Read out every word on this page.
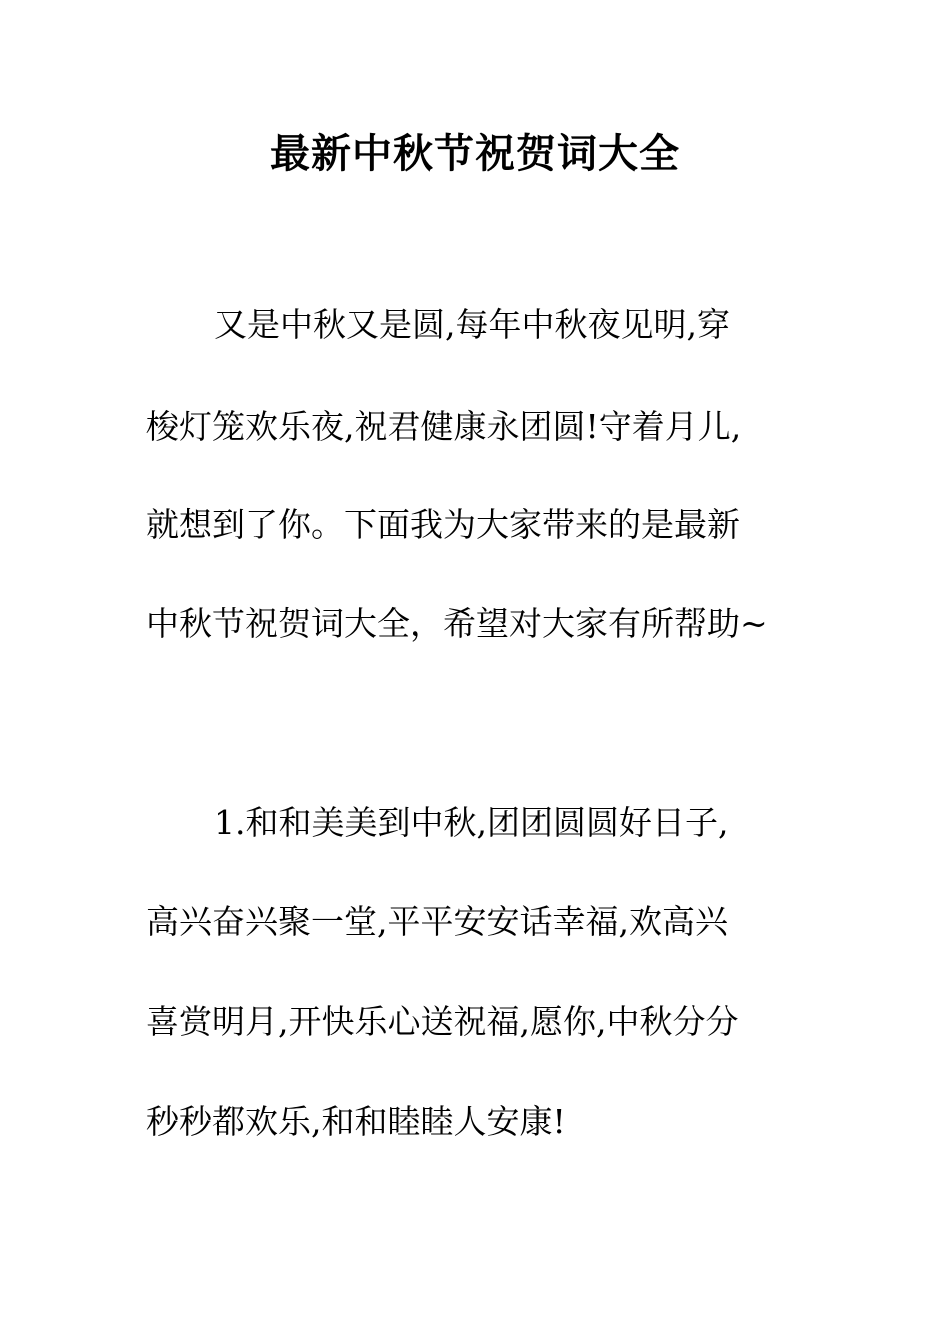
最新中秋节祝贺词大全
又是中秋又是圆,每年中秋夜见明,穿
梭灯笼欢乐夜,祝君健康永团圆!守着月儿,
就想到了你。下面我为大家带来的是最新
中秋节祝贺词大全，希望对大家有所帮助~
1.和和美美到中秋,团团圆圆好日子,
高兴奋兴聚一堂,平平安安话幸福,欢高兴
喜赏明月,开快乐心送祝福,愿你,中秋分分
秒秒都欢乐,和和睦睦人安康!
